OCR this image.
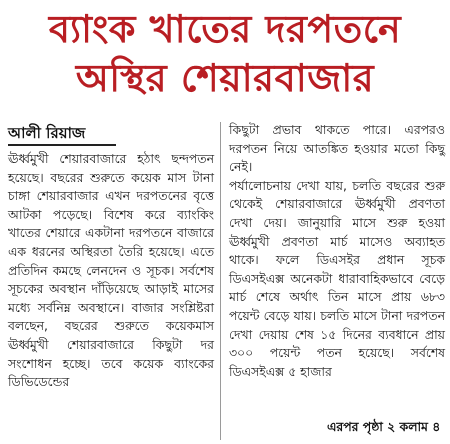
ব্যাংক খাতের দরপতনে
অস্থির শেয়ারবাজার
আলী রিয়াজ

ঊর্ধ্বমুখী শেয়ারবাজারে হঠাৎ ছন্দপতন হয়েছে। বছরের শুরুতে কয়েক মাস টানা চাঙ্গা শেয়ারবাজার এখন দরপতনের বৃত্তে আটকা পড়েছে। বিশেষ করে ব্যাংকিং খাতের শেয়ারে একটানা দরপতনে বাজারে এক ধরনের অস্থিরতা তৈরি হয়েছে। এতে প্রতিদিন কমছে লেনদেন ও সূচক। সর্বশেষ সূচকের অবস্থান দাঁড়িয়েছে আড়াই মাসের মধ্যে সর্বনিম্ন অবস্থানে। বাজার সংশ্লিষ্টরা বলছেন, বছরের শুরুতে কয়েকমাস ঊর্ধ্বমুখী শেয়ারবাজারে কিছুটা দর সংশোধন হচ্ছে। তবে কয়েক ব্যাংকের ডিভিডেন্ডের

কিছুটা প্রভাব থাকতে পারে। এরপরও দরপতন নিয়ে আতঙ্কিত হওয়ার মতো কিছু নেই।

পর্যালোচনায় দেখা যায়, চলতি বছরের শুরু থেকেই শেয়ারবাজারে ঊর্ধ্বমুখী প্রবণতা দেখা দেয়। জানুয়ারি মাসে শুরু হওয়া ঊর্ধ্বমুখী প্রবণতা মার্চ মাসেও অব্যাহত থাকে। ফলে ডিএসইর প্রধান সূচক ডিএসইএক্স অনেকটা ধারাবাহিকভাবে বেড়ে মার্চ শেষে অর্থাৎ তিন মাসে প্রায় ৬৮৩ পয়েন্ট বেড়ে যায়। চলতি মাসে টানা দরপতন দেখা দেয়ায় শেষ ১৫ দিনের ব্যবধানে প্রায় ৩০০ পয়েন্ট পতন হয়েছে। সর্বশেষ ডিএসইএক্স ৫ হাজার

এরপর পৃষ্ঠা ২ কলাম ৪
